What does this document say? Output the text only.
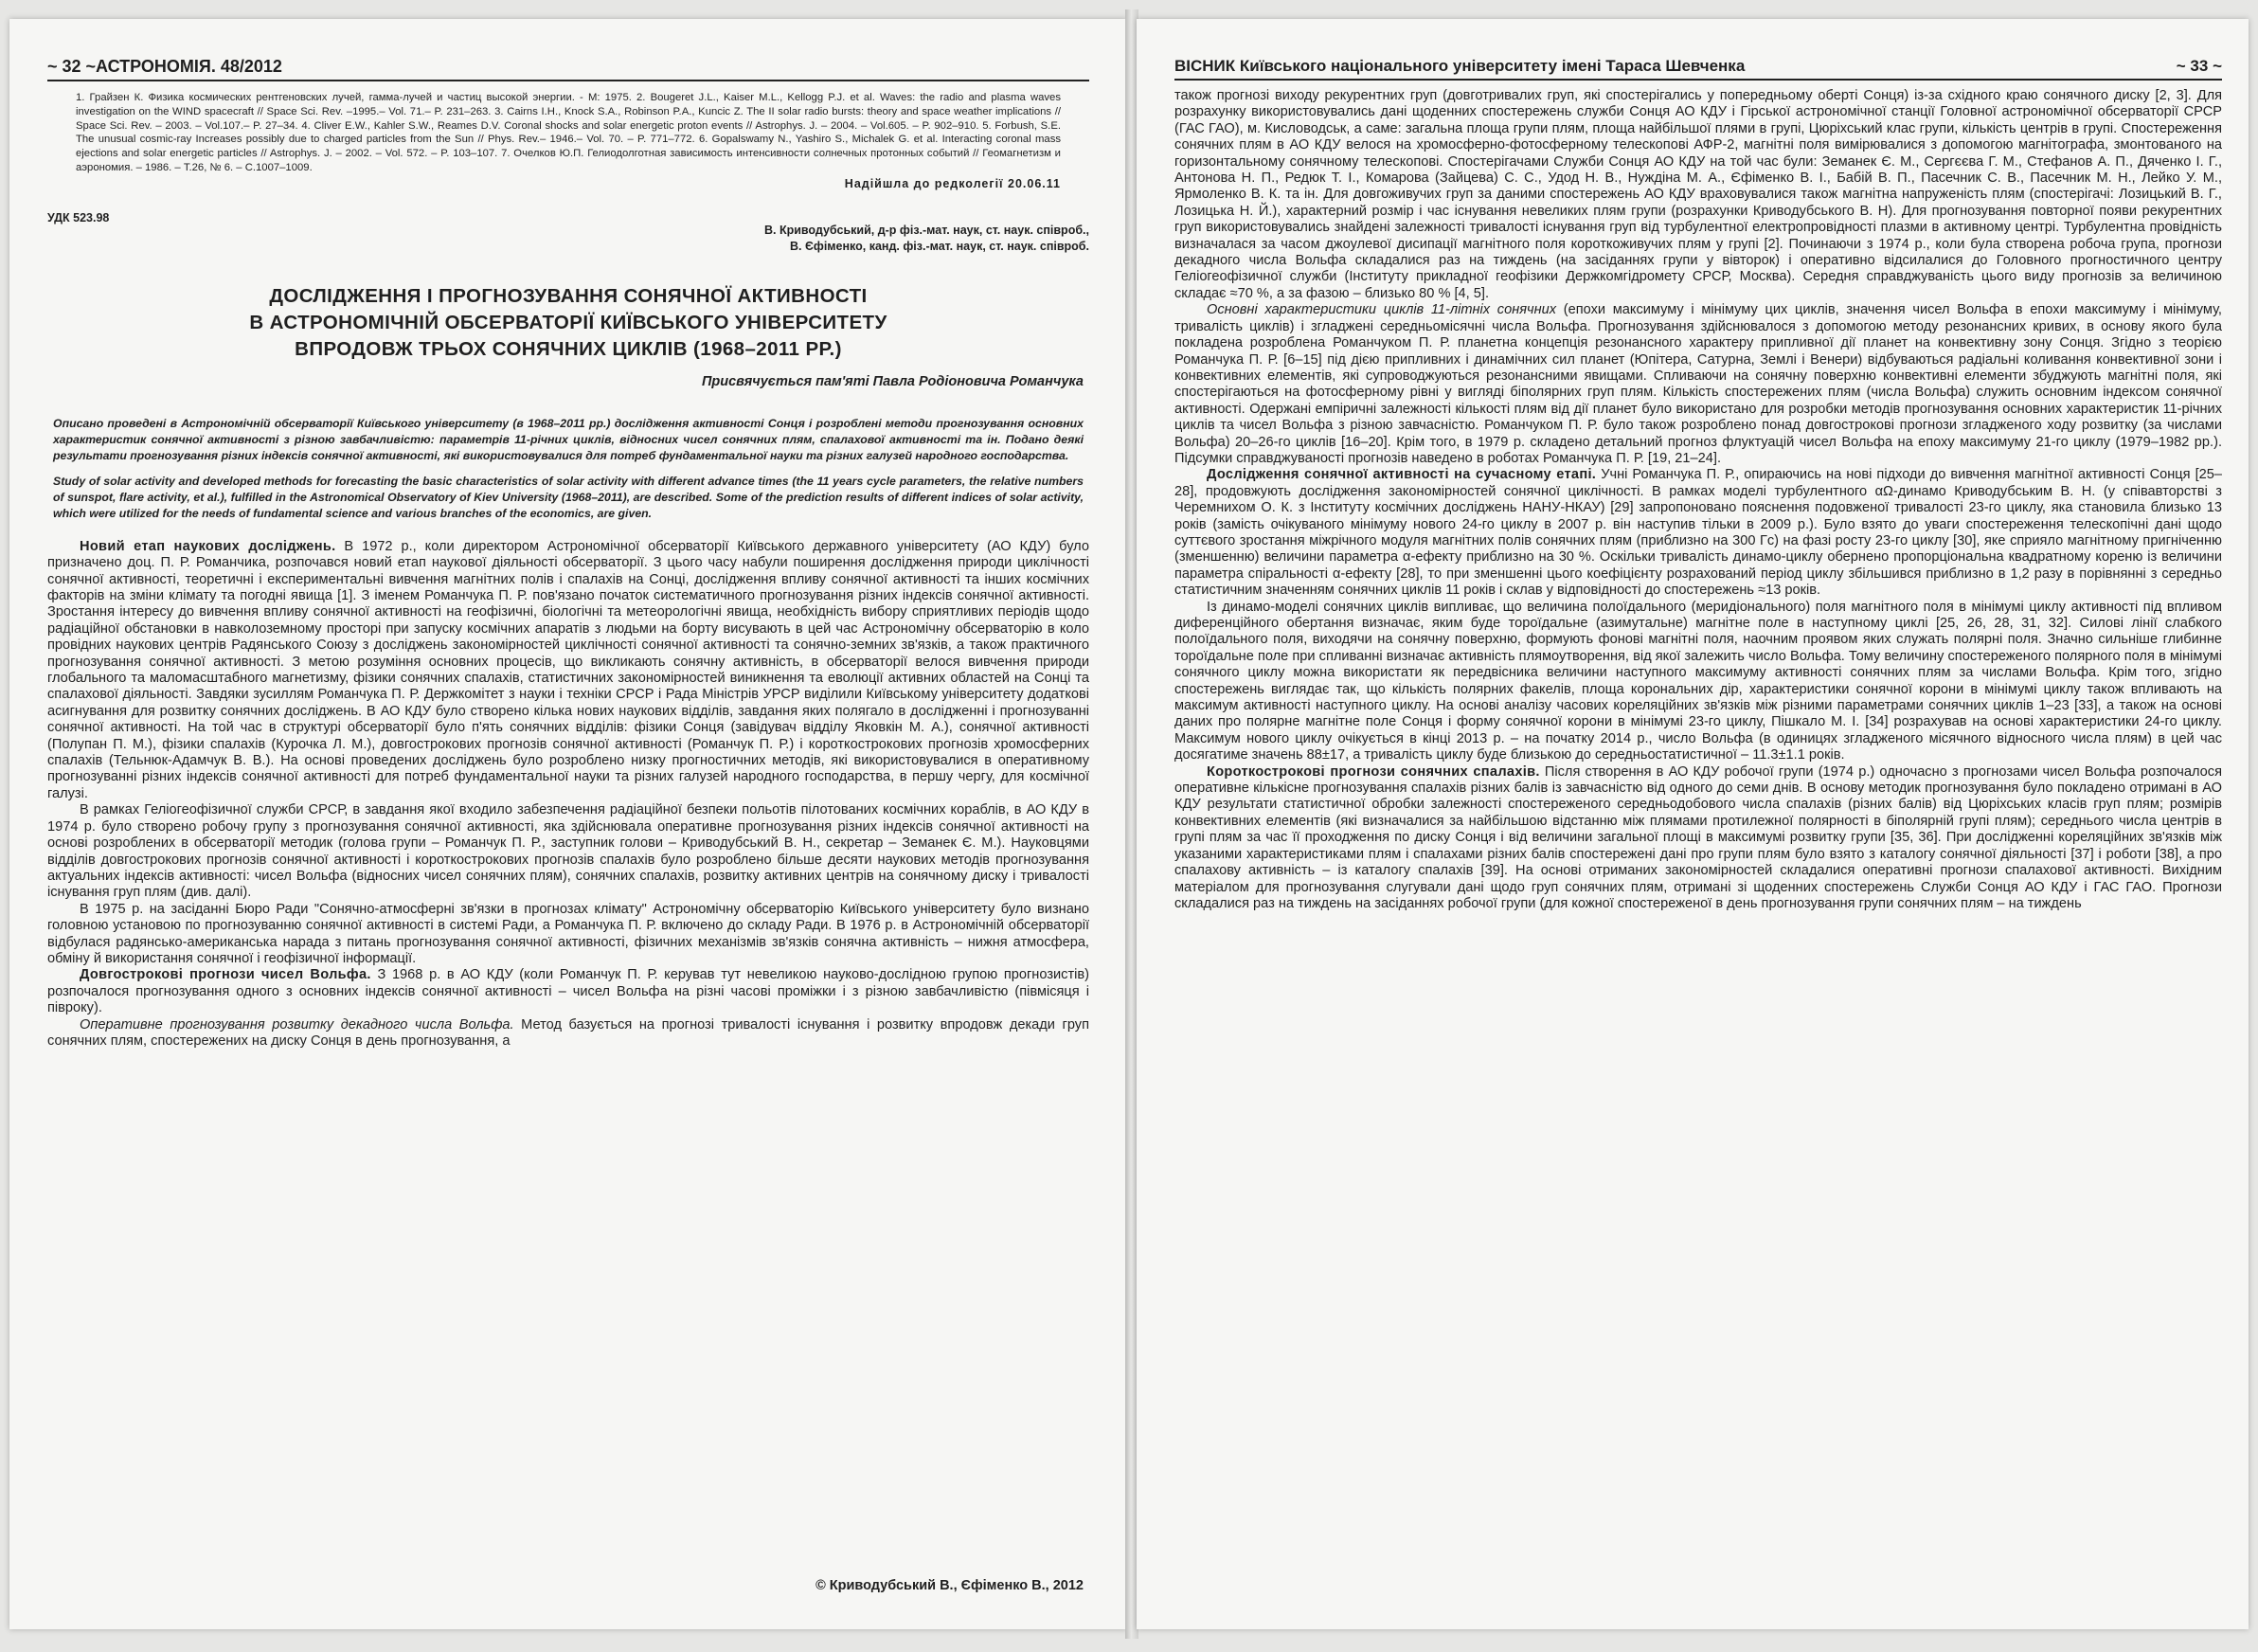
~ 32 ~АСТРОНОМІЯ. 48/2012
1. Грайзен К. Физика космических рентгеновских лучей, гамма-лучей и частиц высокой энергии. - М: 1975. 2. Bougeret J.L., Kaiser M.L., Kellogg P.J. et al. Waves: the radio and plasma waves investigation on the WIND spacecraft // Space Sci. Rev. –1995.– Vol. 71.– P. 231–263. 3. Cairns I.H., Knock S.A., Robinson P.A., Kuncic Z. The II solar radio bursts: theory and space weather implications // Space Sci. Rev. – 2003. – Vol.107.– P. 27–34. 4. Cliver E.W., Kahler S.W., Reames D.V. Coronal shocks and solar energetic proton events // Astrophys. J. – 2004. – Vol.605. – P. 902–910. 5. Forbush, S.E. The unusual cosmic-ray Increases possibly due to charged particles from the Sun // Phys. Rev.– 1946.– Vol. 70. – P. 771–772. 6. Gopalswamy N., Yashiro S., Michalek G. et al. Interacting coronal mass ejections and solar energetic particles // Astrophys. J. – 2002. – Vol. 572. – P. 103–107. 7. Очелков Ю.П. Гелиодолготная зависимость интенсивности солнечных протонных событий // Геомагнетизм и аэрономия. – 1986. – Т.26, № 6. – С.1007–1009.
Надійшла до редколегії 20.06.11
УДК 523.98
В. Криводубський, д-р фіз.-мат. наук, ст. наук. співроб.,
В. Єфіменко, канд. фіз.-мат. наук, ст. наук. співроб.
ДОСЛІДЖЕННЯ І ПРОГНОЗУВАННЯ СОНЯЧНОЇ АКТИВНОСТІ
В АСТРОНОМІЧНІЙ ОБСЕРВАТОРІЇ КИЇВСЬКОГО УНІВЕРСИТЕТУ
ВПРОДОВЖ ТРЬОХ СОНЯЧНИХ ЦИКЛІВ (1968–2011 РР.)
Присвячується пам'яті Павла Родіоновича Романчука
Описано проведені в Астрономічній обсерваторії Київського університету (в 1968–2011 рр.) дослідження активності Сонця і розроблені методи прогнозування основних характеристик сонячної активності з різною завбачливістю: параметрів 11-річних циклів, відносних чисел сонячних плям, спалахової активності та ін. Подано деякі результати прогнозування різних індексів сонячної активності, які використовувалися для потреб фундаментальної науки та різних галузей народного господарства.
Study of solar activity and developed methods for forecasting the basic characteristics of solar activity with different advance times (the 11 years cycle parameters, the relative numbers of sunspot, flare activity, et al.), fulfilled in the Astronomical Observatory of Kiev University (1968–2011), are described. Some of the prediction results of different indices of solar activity, which were utilized for the needs of fundamental science and various branches of the economics, are given.

Новий етап наукових досліджень. В 1972 р., коли директором Астрономічної обсерваторії Київського державного університету (АО КДУ) було призначено доц. П. Р. Романчика, розпочався новий етап наукової діяльності обсерваторії. З цього часу набули поширення дослідження природи циклічності сонячної активності, теоретичні і експериментальні вивчення магнітних полів і спалахів на Сонці, дослідження впливу сонячної активності та інших космічних факторів на зміни клімату та погодні явища [1]. З іменем Романчука П. Р. пов'язано початок систематичного прогнозування різних індексів сонячної активності. Зростання інтересу до вивчення впливу сонячної активності на геофізичні, біологічні та метеорологічні явища, необхідність вибору сприятливих періодів щодо радіаційної обстановки в навколоземному просторі при запуску космічних апаратів з людьми на борту висувають в цей час Астрономічну обсерваторію в коло провідних наукових центрів Радянського Союзу з досліджень закономірностей циклічності сонячної активності та сонячно-земних зв'язків, а також практичного прогнозування сонячної активності. З метою розуміння основних процесів, що викликають сонячну активність, в обсерваторії велося вивчення природи глобального та маломасштабного магнетизму, фізики сонячних спалахів, статистичних закономірностей виникнення та еволюції активних областей на Сонці та спалахової діяльності. Завдяки зусиллям Романчука П. Р. Держкомітет з науки і техніки СРСР і Рада Міністрів УРСР виділили Київському університету додаткові асигнування для розвитку сонячних досліджень. В АО КДУ було створено кілька нових наукових відділів, завдання яких полягало в дослідженні і прогнозуванні сонячної активності. На той час в структурі обсерваторії було п'ять сонячних відділів: фізики Сонця (завідувач відділу Яковкін М. А.), сонячної активності (Полупан П. М.), фізики спалахів (Курочка Л. М.), довгострокових прогнозів сонячної активності (Романчук П. Р.) і короткострокових прогнозів хромосферних спалахів (Тельнюк-Адамчук В. В.). На основі проведених досліджень було розроблено низку прогностичних методів, які використовувалися в оперативному прогнозуванні різних індексів сонячної активності для потреб фундаментальної науки та різних галузей народного господарства, в першу чергу, для космічної галузі.

В рамках Геліогеофізичної служби СРСР, в завдання якої входило забезпечення радіаційної безпеки польотів пілотованих космічних кораблів, в АО КДУ в 1974 р. було створено робочу групу з прогнозування сонячної активності, яка здійснювала оперативне прогнозування різних індексів сонячної активності на основі розроблених в обсерваторії методик (голова групи – Романчук П. Р., заступник голови – Криводубський В. Н., секретар – Земанек Є. М.). Науковцями відділів довгострокових прогнозів сонячної активності і короткострокових прогнозів спалахів було розроблено більше десяти наукових методів прогнозування актуальних індексів активності: чисел Вольфа (відносних чисел сонячних плям), сонячних спалахів, розвитку активних центрів на сонячному диску і тривалості існування груп плям (див. далі).

В 1975 р. на засіданні Бюро Ради "Сонячно-атмосферні зв'язки в прогнозах клімату" Астрономічну обсерваторію Київського університету було визнано головною установою по прогнозуванню сонячної активності в системі Ради, а Романчука П. Р. включено до складу Ради. В 1976 р. в Астрономічній обсерваторії відбулася радянсько-американська нарада з питань прогнозування сонячної активності, фізичних механізмів зв'язків сонячна активність – нижня атмосфера, обміну й використання сонячної і геофізичної інформації.

Довгострокові прогнози чисел Вольфа. З 1968 р. в АО КДУ (коли Романчук П. Р. керував тут невеликою науково-дослідною групою прогнозистів) розпочалося прогнозування одного з основних індексів сонячної активності – чисел Вольфа на різні часові проміжки і з різною завбачливістю (півмісяця і півроку).

Оперативне прогнозування розвитку декадного числа Вольфа. Метод базується на прогнозі тривалості існування і розвитку впродовж декади груп сонячних плям, спостережених на диску Сонця в день прогнозування, а

© Криводубський В., Єфіменко В., 2012
ВІСНИК Київського національного університету імені Тараса Шевченка	~ 33 ~

також прогнозі виходу рекурентних груп (довготривалих груп, які спостерігались у попередньому оберті Сонця) із-за східного краю сонячного диску [2, 3]. Для розрахунку використовувались дані щоденних спостережень служби Сонця АО КДУ і Гірської астрономічної станції Головної астрономічної обсерваторії СРСР (ГАС ГАО), м. Кисловодськ, а саме: загальна площа групи плям, площа найбільшої плями в групі, Цюріхський клас групи, кількість центрів в групі. Спостереження сонячних плям в АО КДУ велося на хромосферно-фотосферному телескопові АФР-2, магнітні поля вимірювалися з допомогою магнітографа, змонтованого на горизонтальному сонячному телескопові. Спостерігачами Служби Сонця АО КДУ на той час були: Земанек Є. М., Сергєєва Г. М., Стефанов А. П., Дяченко І. Г., Антонова Н. П., Редюк Т. І., Комарова (Зайцева) С. С., Удод Н. В., Нуждіна М. А., Єфіменко В. І., Бабій В. П., Пасечник С. В., Пасечник М. Н., Лейко У. М., Ярмоленко В. К. та ін. Для довгоживучих груп за даними спостережень АО КДУ враховувалися також магнітна напруженість плям (спостерігачі: Лозицький В. Г., Лозицька Н. Й.), характерний розмір і час існування невеликих плям групи (розрахунки Криводубського В. Н). Для прогнозування повторної появи рекурентних груп використовувались знайдені залежності тривалості існування груп від турбулентної електропровідності плазми в активному центрі. Турбулентна провідність визначалася за часом джоулевої дисипації магнітного поля короткоживучих плям у групі [2]. Починаючи з 1974 р., коли була створена робоча група, прогнози декадного числа Вольфа складалися раз на тиждень (на засіданнях групи у вівторок) і оперативно відсилалися до Головного прогностичного центру Геліогеофізичної служби (Інституту прикладної геофізики Держкомгідромету СРСР, Москва). Середня справджуваність цього виду прогнозів за величиною складає ≈70 %, а за фазою – близько 80 % [4, 5].

Основні характеристики циклів 11-літніх сонячних (епохи максимуму і мінімуму цих циклів, значення чисел Вольфа в епохи максимуму і мінімуму, тривалість циклів) і згладжені середньомісячні числа Вольфа. Прогнозування здійснювалося з допомогою методу резонансних кривих, в основу якого була покладена розроблена Романчуком П. Р. планетна концепція резонансного характеру припливної дії планет на конвективну зону Сонця. Згідно з теорією Романчука П. Р. [6–15] під дією припливних і динамічних сил планет (Юпітера, Сатурна, Землі і Венери) відбуваються радіальні коливання конвективної зони і конвективних елементів, які супроводжуються резонансними явищами. Спливаючи на сонячну поверхню конвективні елементи збуджують магнітні поля, які спостерігаються на фотосферному рівні у вигляді біполярних груп плям. Кількість спостережених плям (числа Вольфа) служить основним індексом сонячної активності. Одержані емпіричні залежності кількості плям від дії планет було використано для розробки методів прогнозування основних характеристик 11-річних циклів та чисел Вольфа з різною завчасністю. Романчуком П. Р. було також розроблено понад довгострокові прогнози згладженого ходу розвитку (за числами Вольфа) 20–26-го циклів [16–20]. Крім того, в 1979 р. складено детальний прогноз флуктуацій чисел Вольфа на епоху максимуму 21-го циклу (1979–1982 рр.). Підсумки справджуваності прогнозів наведено в роботах Романчука П. Р. [19, 21–24].

Дослідження сонячної активності на сучасному етапі. Учні Романчука П. Р., опираючись на нові підходи до вивчення магнітної активності Сонця [25–28], продовжують дослідження закономірностей сонячної циклічності. В рамках моделі турбулентного αΩ-динамо Криводубським В. Н. (у співавторстві з Черемнихом О. К. з Інституту космічних досліджень НАНУ-НКАУ) [29] запропоновано пояснення подовженої тривалості 23-го циклу, яка становила близько 13 років (замість очікуваного мінімуму нового 24-го циклу в 2007 р. він наступив тільки в 2009 р.). Було взято до уваги спостереження телескопічні дані щодо суттєвого зростання міжрічного модуля магнітних полів сонячних плям (приблизно на 300 Гс) на фазі росту 23-го циклу [30], яке сприяло магнітному пригніченню (зменшенню) величини параметра α-ефекту приблизно на 30 %. Оскільки тривалість динамо-циклу обернено пропорціональна квадратному кореню із величини параметра спіральності α-ефекту [28], то при зменшенні цього коефіцієнту розрахований період циклу збільшився приблизно в 1,2 разу в порівнянні з середньо статистичним значенням сонячних циклів 11 років і склав у відповідності до спостережень ≈13 років.

Із динамо-моделі сонячних циклів випливає, що величина полоїдального (меридіонального) поля магнітного поля в мінімумі циклу активності під впливом диференційного обертання визначає, яким буде тороїдальне (азимутальне) магнітне поле в наступному циклі [25, 26, 28, 31, 32]. Силові лінії слабкого полоїдального поля, виходячи на сонячну поверхню, формують фонові магнітні поля, наочним проявом яких служать полярні поля. Значно сильніше глибинне тороїдальне поле при спливанні визначає активність плямоутворення, від якої залежить число Вольфа. Тому величину спостереженого полярного поля в мінімумі сонячного циклу можна використати як передвісника величини наступного максимуму активності сонячних плям за числами Вольфа. Крім того, згідно спостережень виглядає так, що кількість полярних факелів, площа корональних дір, характеристики сонячної корони в мінімумі циклу також впливають на максимум активності наступного циклу. На основі аналізу часових кореляційних зв'язків між різними параметрами сонячних циклів 1–23 [33], а також на основі даних про полярне магнітне поле Сонця і форму сонячної корони в мінімумі 23-го циклу, Пішкало М. І. [34] розрахував на основі характеристики 24-го циклу. Максимум нового циклу очікується в кінці 2013 р. – на початку 2014 р., число Вольфа (в одиницях згладженого місячного відносного числа плям) в цей час досягатиме значень 88±17, а тривалість циклу буде близькою до середньостатистичної – 11.3±1.1 років.

Короткострокові прогнози сонячних спалахів. Після створення в АО КДУ робочої групи (1974 р.) одночасно з прогнозами чисел Вольфа розпочалося оперативне кількісне прогнозування спалахів різних балів із завчасністю від одного до семи днів. В основу методик прогнозування було покладено отримані в АО КДУ результати статистичної обробки залежності спостереженого середньодобового числа спалахів (різних балів) від Цюріхських класів груп плям; розмірів конвективних елементів (які визначалися за найбільшою відстанню між плямами протилежної полярності в біполярній групі плям); середнього числа центрів в групі плям за час її проходження по диску Сонця і від величини загальної площі в максимумі розвитку групи [35, 36]. При дослідженні кореляційних зв'язків між указаними характеристиками плям і спалахами різних балів спостережені дані про групи плям було взято з каталогу сонячної діяльності [37] і роботи [38], а про спалахову активність – із каталогу спалахів [39]. На основі отриманих закономірностей складалися оперативні прогнози спалахової активності. Вихідним матеріалом для прогнозування слугували дані щодо груп сонячних плям, отримані зі щоденних спостережень Служби Сонця АО КДУ і ГАС ГАО. Прогнози складалися раз на тиждень на засіданнях робочої групи (для кожної спостереженої в день прогнозування групи сонячних плям – на тиждень
